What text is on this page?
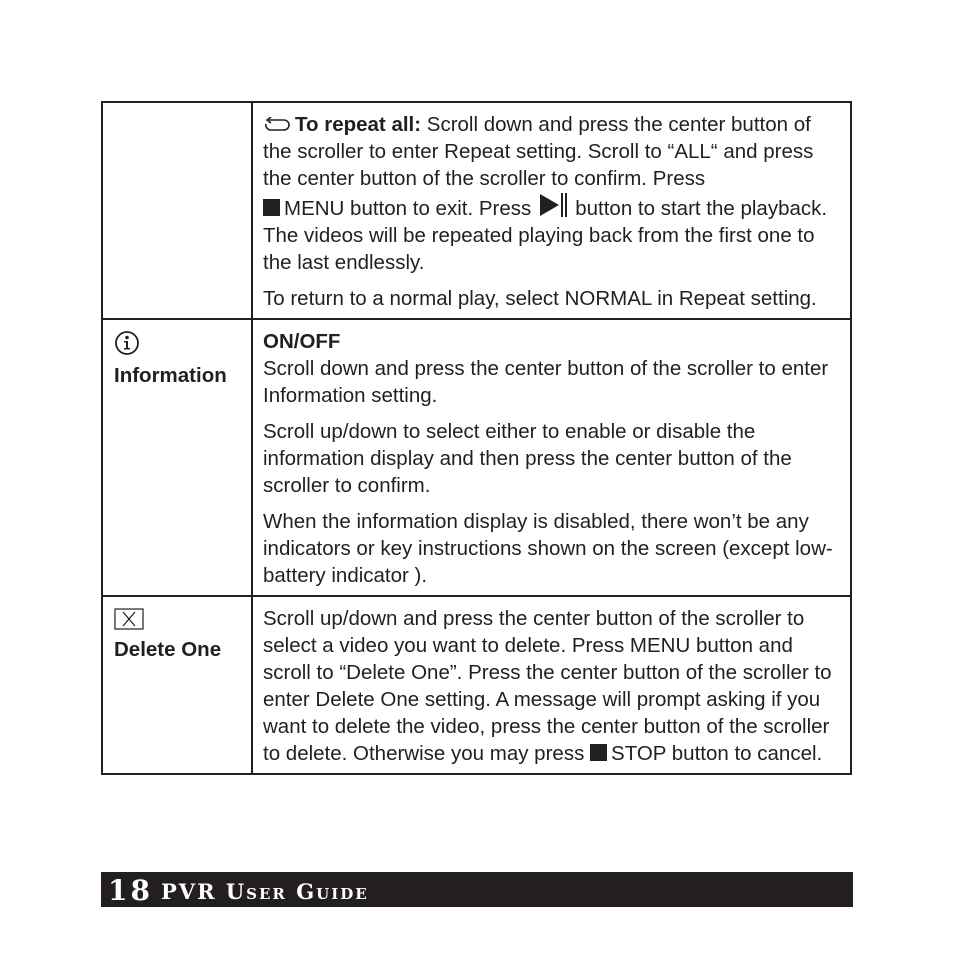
	To repeat all: Scroll down and press the center button of the scroller to enter Repeat setting. Scroll to “ALL“ and press the center button of the scroller to confirm. Press
MENU button to exit. Press button to start the playback. The videos will be repeated playing back from the first one to the last endlessly.

To return to a normal play, select NORMAL in Repeat setting.

Information	ON/OFF
Scroll down and press the center button of the scroller to enter Information setting.

Scroll up/down to select either to enable or disable the information display and then press the center button of the scroller to confirm.

When the information display is disabled, there won’t be any indicators or key instructions shown on the screen (except low-battery indicator ).

Delete One	Scroll up/down and press the center button of the scroller to select a video you want to delete. Press MENU button and scroll to “Delete One”. Press the center button of the scroller to enter Delete One setting. A message will prompt asking if you want to delete the video, press the center button of the scroller to delete. Otherwise you may press STOP button to cancel.

18 PVR User Guide
